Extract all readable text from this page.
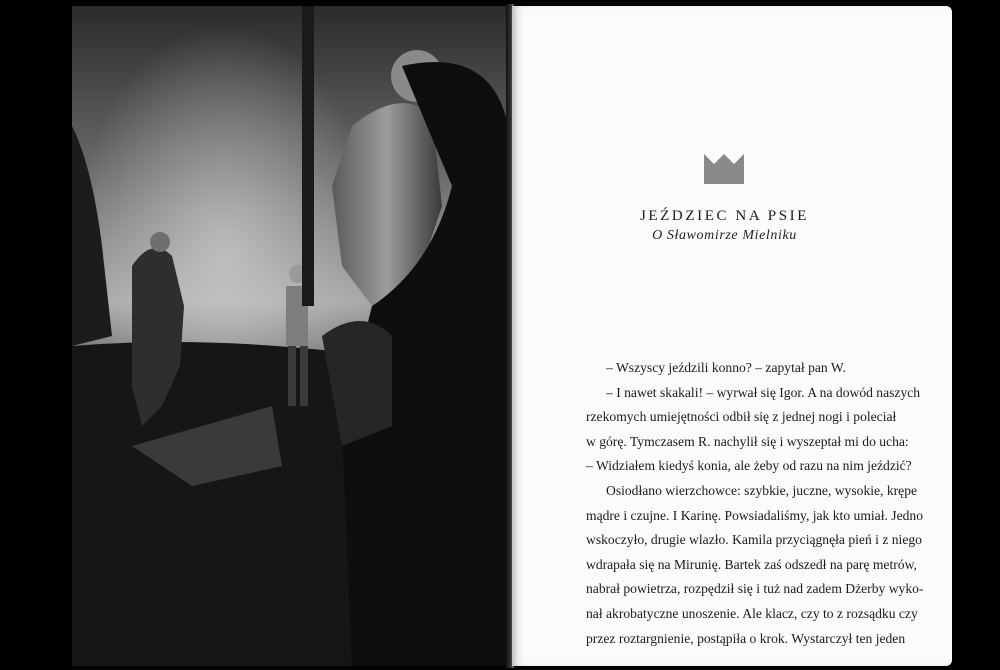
JEŹDZIEC NA PSIE
O Sławomirze Mielniku
– Wszyscy jeździli konno? – zapytał pan W.
– I nawet skakali! – wyrwał się Igor. A na dowód naszych
rzekomych umiejętności odbił się z jednej nogi i poleciał
w górę. Tymczasem R. nachylił się i wyszeptał mi do ucha:
– Widziałem kiedyś konia, ale żeby od razu na nim jeździć?
Osiodłano wierzchowce: szybkie, juczne, wysokie, krępe
mądre i czujne. I Karinę. Powsiadaliśmy, jak kto umiał. Jedno
wskoczyło, drugie wlazło. Kamila przyciągnęła pień i z niego
wdrapała się na Mirunię. Bartek zaś odszedł na parę metrów,
nabrał powietrza, rozpędził się i tuż nad zadem Dżerby wyko-
nał akrobatyczne unoszenie. Ale klacz, czy to z rozsądku czy
przez roztargnienie, postąpiła o krok. Wystarczył ten jeden
